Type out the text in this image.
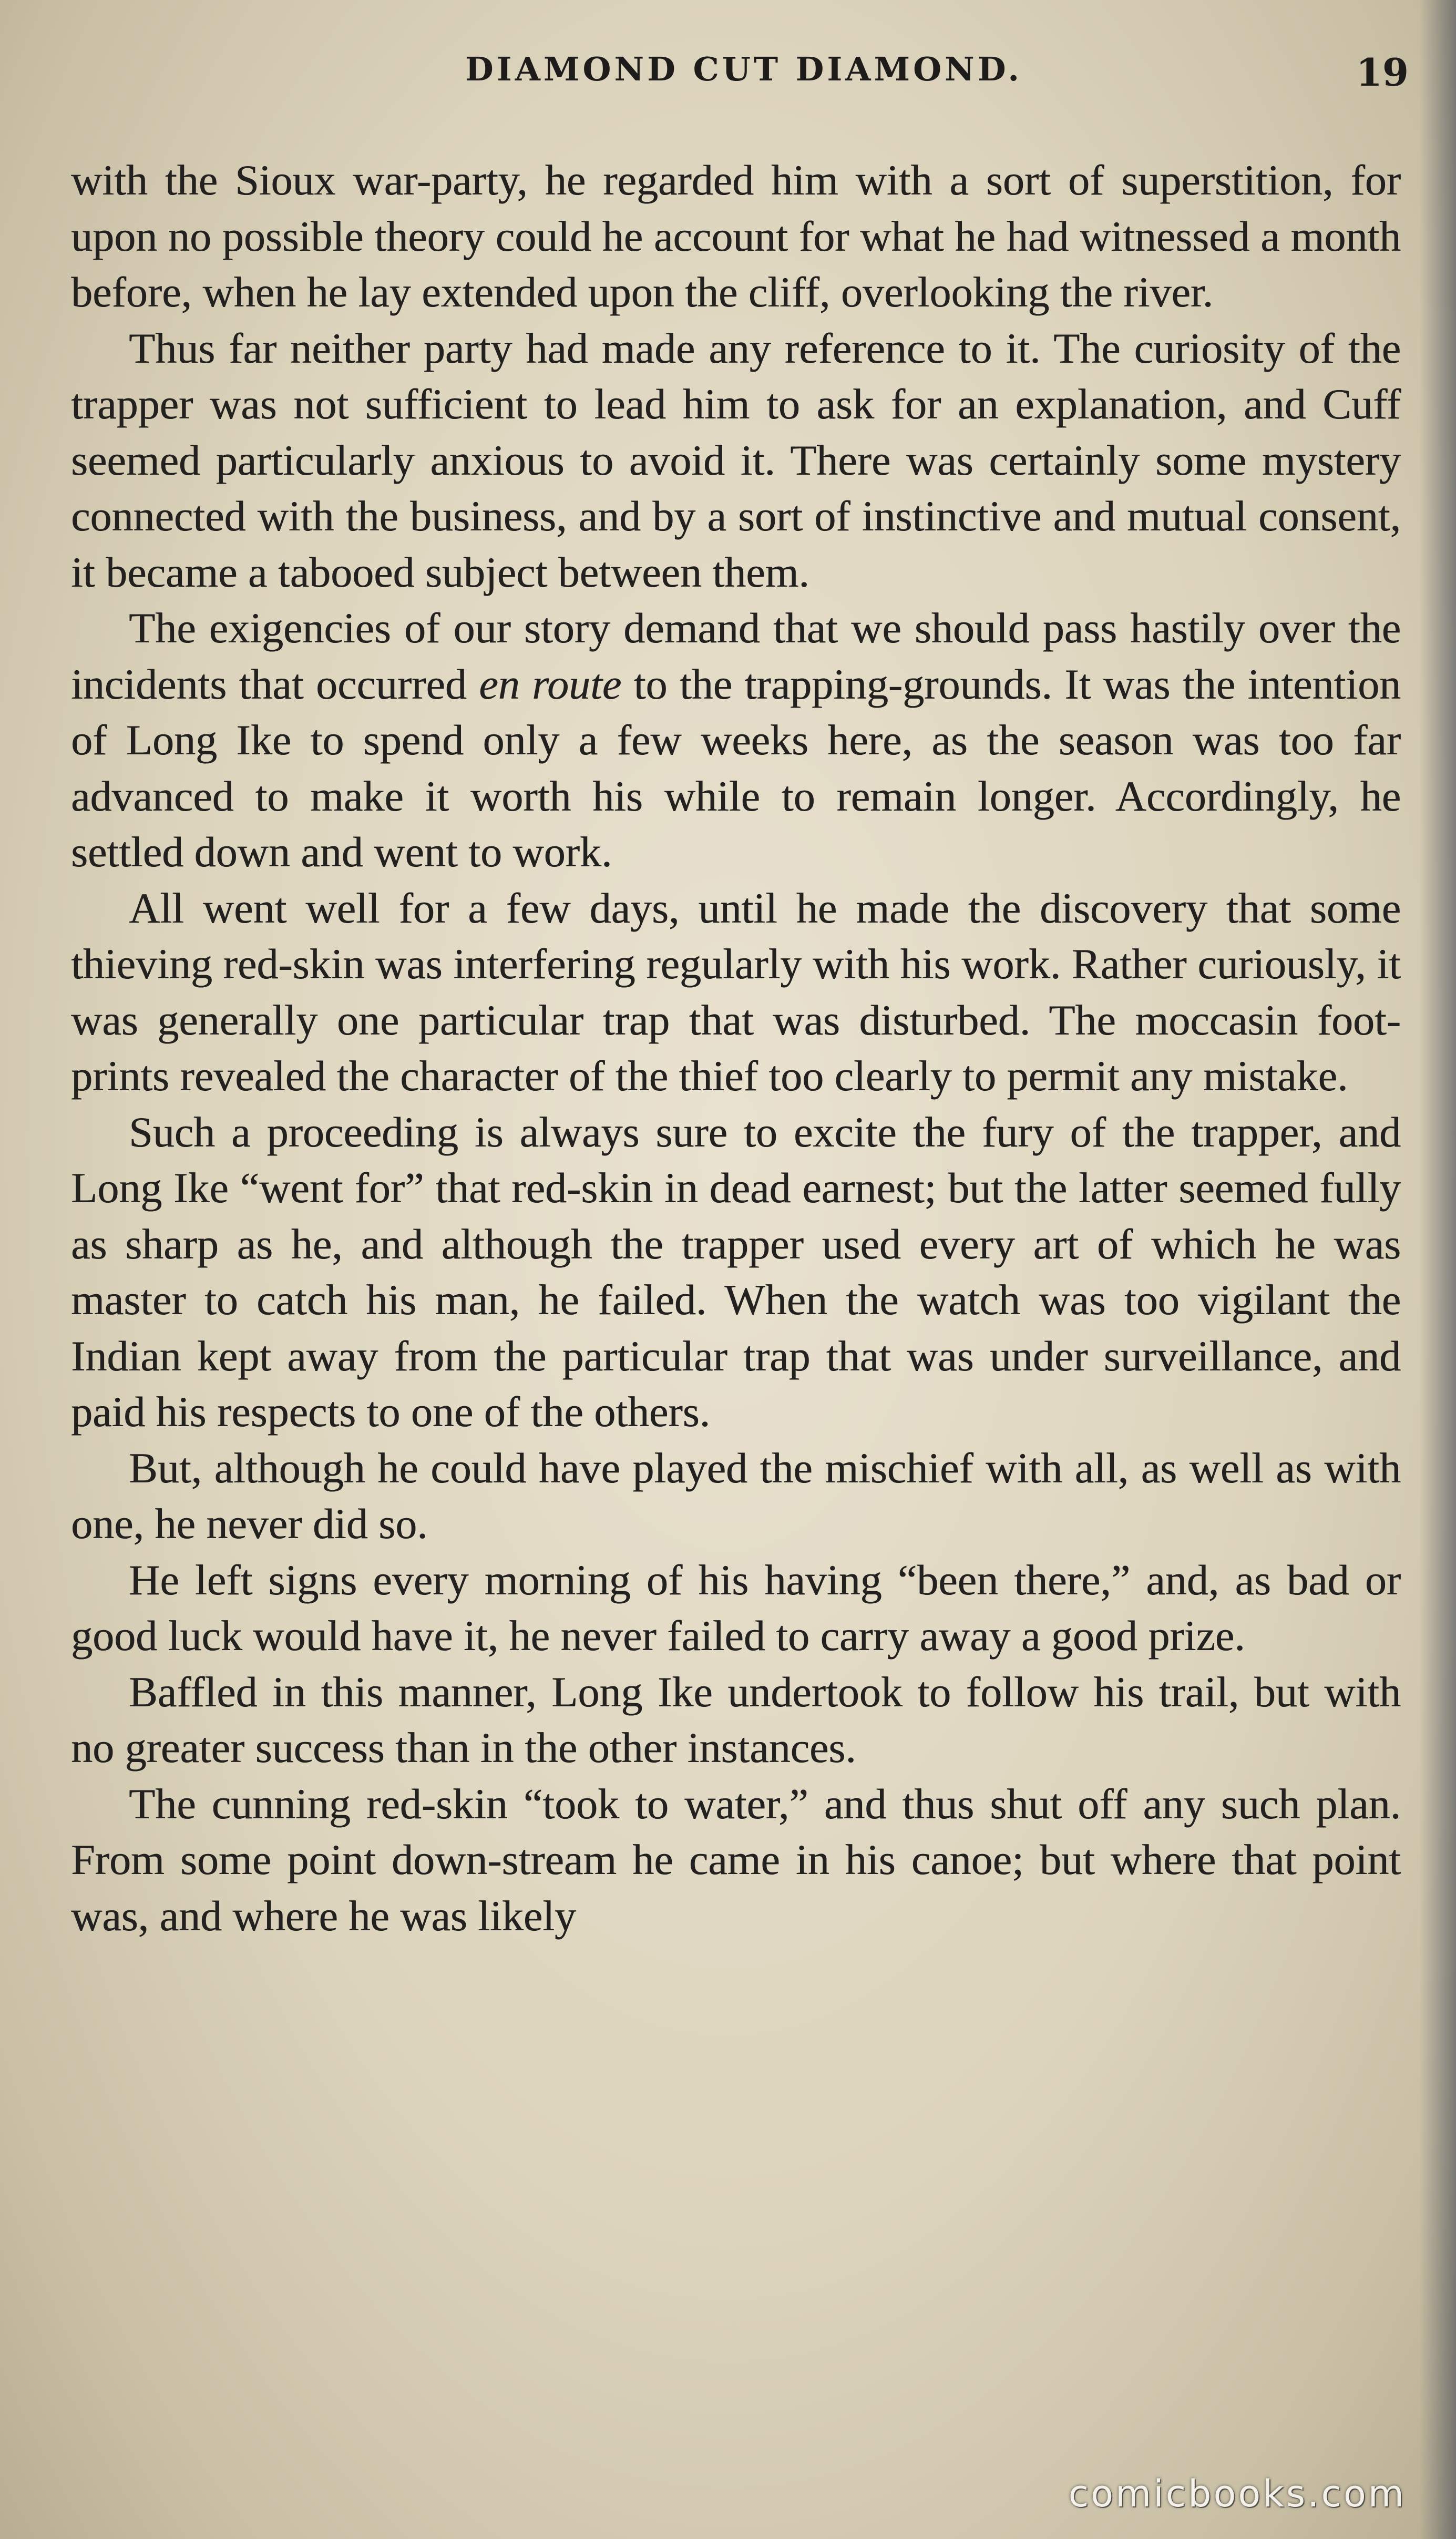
DIAMOND CUT DIAMOND.	19

with the Sioux war-party, he regarded him with a sort of superstition, for upon no possible theory could he account for what he had witnessed a month before, when he lay extended upon the cliff, overlooking the river.

Thus far neither party had made any reference to it. The curiosity of the trapper was not sufficient to lead him to ask for an explanation, and Cuff seemed particularly anxious to avoid it. There was certainly some mystery connected with the business, and by a sort of instinctive and mutual consent, it became a tabooed subject between them.

The exigencies of our story demand that we should pass hastily over the incidents that occurred en route to the trapping-grounds. It was the intention of Long Ike to spend only a few weeks here, as the season was too far advanced to make it worth his while to remain longer. Accordingly, he settled down and went to work.

All went well for a few days, until he made the discovery that some thieving red-skin was interfering regularly with his work. Rather curiously, it was generally one particular trap that was disturbed. The moccasin foot-prints revealed the character of the thief too clearly to permit any mistake.

Such a proceeding is always sure to excite the fury of the trapper, and Long Ike “went for” that red-skin in dead earnest; but the latter seemed fully as sharp as he, and although the trapper used every art of which he was master to catch his man, he failed. When the watch was too vigilant the Indian kept away from the particular trap that was under surveillance, and paid his respects to one of the others.

But, although he could have played the mischief with all, as well as with one, he never did so.

He left signs every morning of his having “been there,” and, as bad or good luck would have it, he never failed to carry away a good prize.

Baffled in this manner, Long Ike undertook to follow his trail, but with no greater success than in the other instances.

The cunning red-skin “took to water,” and thus shut off any such plan. From some point down-stream he came in his canoe; but where that point was, and where he was likely

comicbooks.com
